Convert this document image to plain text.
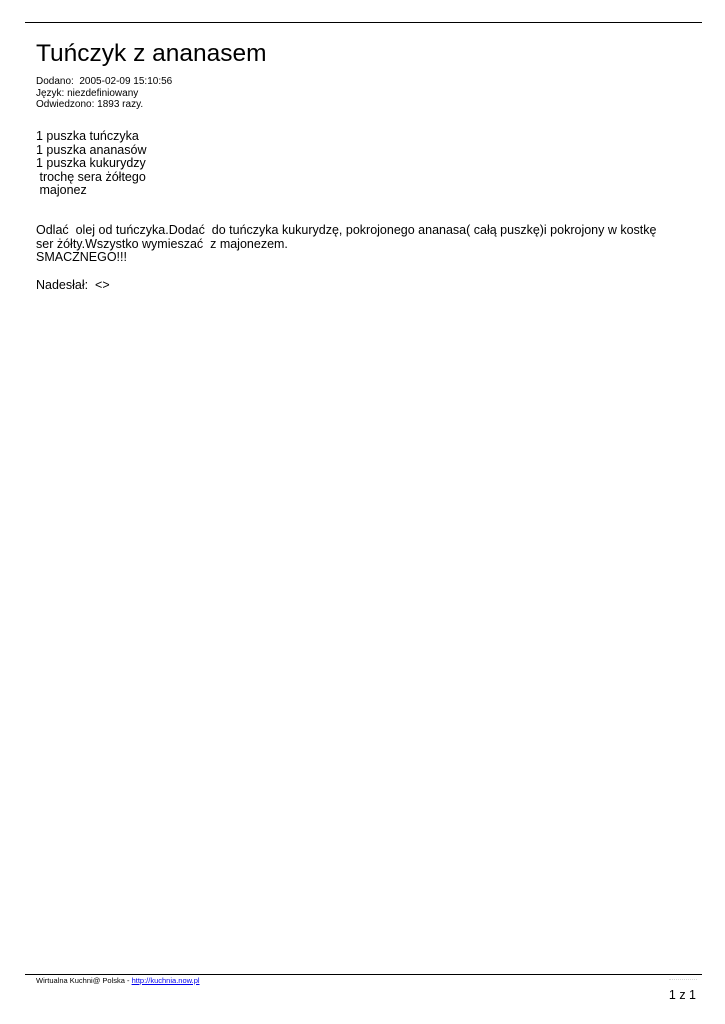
Tuńczyk z ananasem
Dodano:  2005-02-09 15:10:56
Język: niezdefiniowany
Odwiedzono: 1893 razy.
1 puszka tuńczyka
1 puszka ananasów
1 puszka kukurydzy
trochę sera żółtego
majonez
Odlać  olej od tuńczyka.Dodać  do tuńczyka kukurydzę, pokrojonego ananasa( całą puszkę)i pokrojony w kostkę
ser żółty.Wszystko wymieszać  z majonezem.
SMACZNEGO!!!
Nadesłał:  <>
Wirtualna Kuchni@ Polska - http://kuchnia.now.pl
1 z 1
